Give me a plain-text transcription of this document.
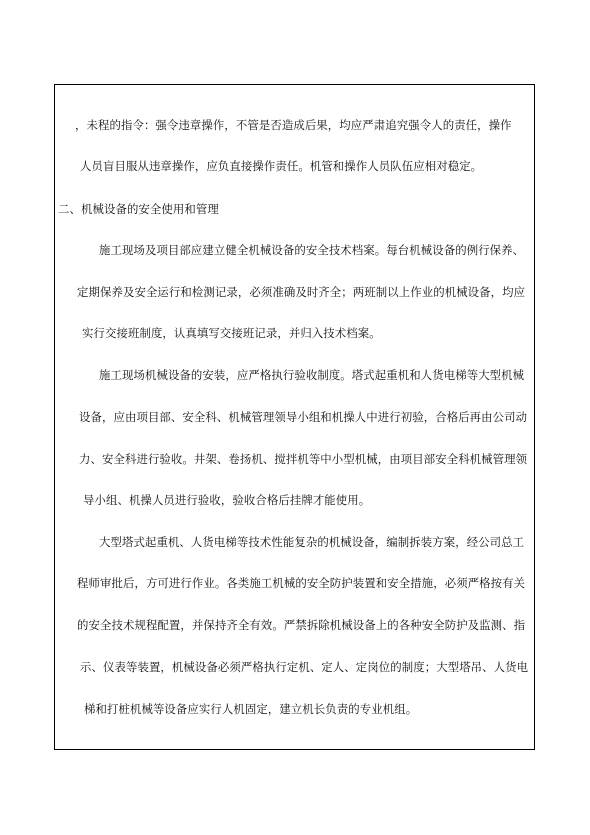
，未程的指令：强令违章操作，不管是否造成后果，均应严肃追究强令人的责任，操作
人员盲目服从违章操作，应负直接操作责任。机管和操作人员队伍应相对稳定。
二、机械设备的安全使用和管理
施工现场及项目部应建立健全机械设备的安全技术档案。每台机械设备的例行保养、
定期保养及安全运行和检测记录，必须准确及时齐全；两班制以上作业的机械设备，均应
实行交接班制度，认真填写交接班记录，并归入技术档案。
施工现场机械设备的安装，应严格执行验收制度。塔式起重机和人货电梯等大型机械
设备，应由项目部、安全科、机械管理领导小组和机操人中进行初验，合格后再由公司动
力、安全科进行验收。井架、卷扬机、搅拌机等中小型机械，由项目部安全科机械管理领
导小组、机操人员进行验收，验收合格后挂牌才能使用。
大型塔式起重机、人货电梯等技术性能复杂的机械设备，编制拆装方案，经公司总工
程师审批后，方可进行作业。各类施工机械的安全防护装置和安全措施，必须严格按有关
的安全技术规程配置，并保持齐全有效。严禁拆除机械设备上的各种安全防护及监测、指
示、仪表等装置，机械设备必须严格执行定机、定人、定岗位的制度；大型塔吊、人货电
梯和打桩机械等设备应实行人机固定，建立机长负责的专业机组。
